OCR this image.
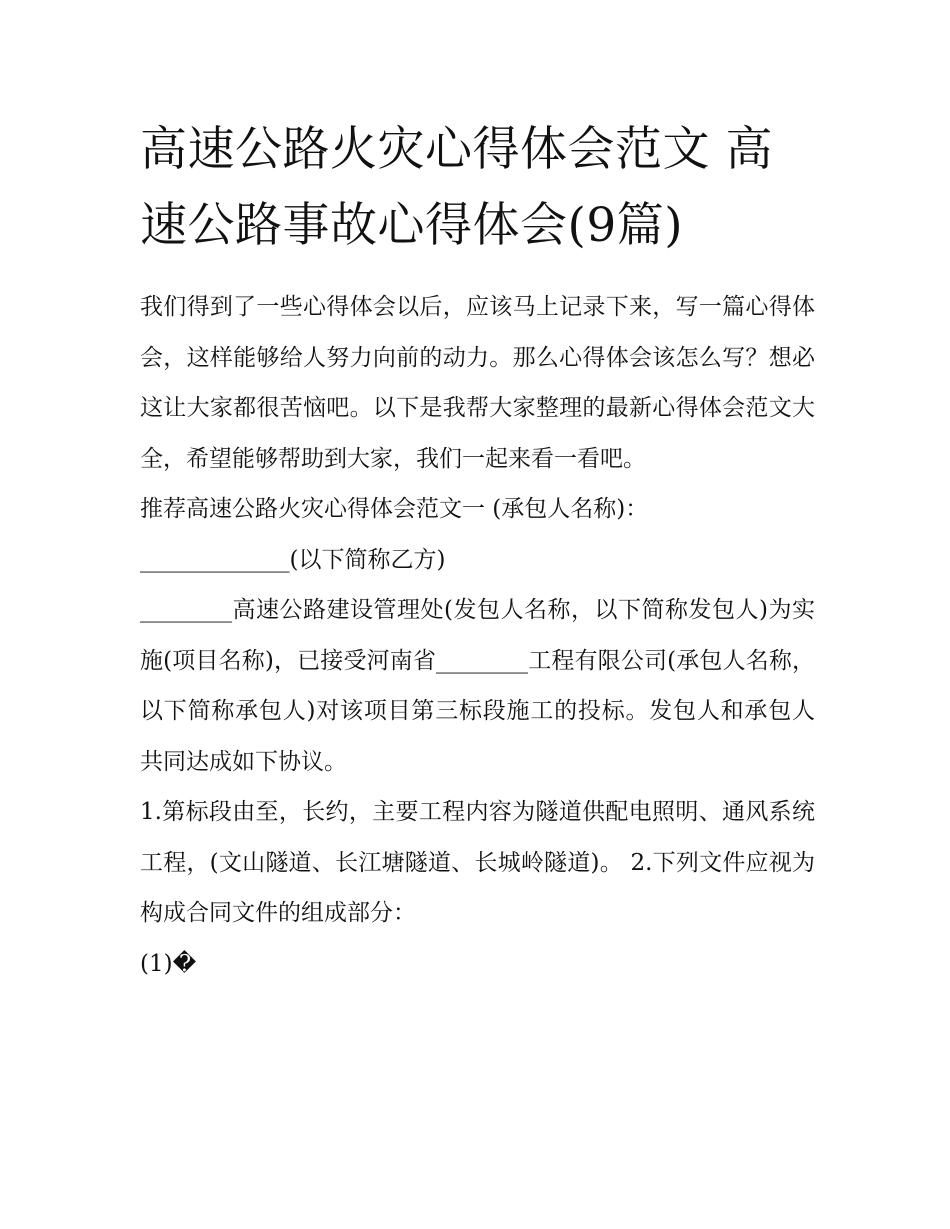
高速公路火灾心得体会范文 高速公路事故心得体会(9篇)

我们得到了一些心得体会以后，应该马上记录下来，写一篇心得体会，这样能够给人努力向前的动力。那么心得体会该怎么写？想必这让大家都很苦恼吧。以下是我帮大家整理的最新心得体会范文大全，希望能够帮助到大家，我们一起来看一看吧。

推荐高速公路火灾心得体会范文一 (承包人名称)：

_____________(以下简称乙方)

________高速公路建设管理处(发包人名称，以下简称发包人)为实施(项目名称)，已接受河南省________工程有限公司(承包人名称，以下简称承包人)对该项目第三标段施工的投标。发包人和承包人共同达成如下协议。

1.第标段由至，长约，主要工程内容为隧道供配电照明、通风系统工程，(文山隧道、长江塘隧道、长城岭隧道)。 2.下列文件应视为构成合同文件的组成部分：

(1)�
